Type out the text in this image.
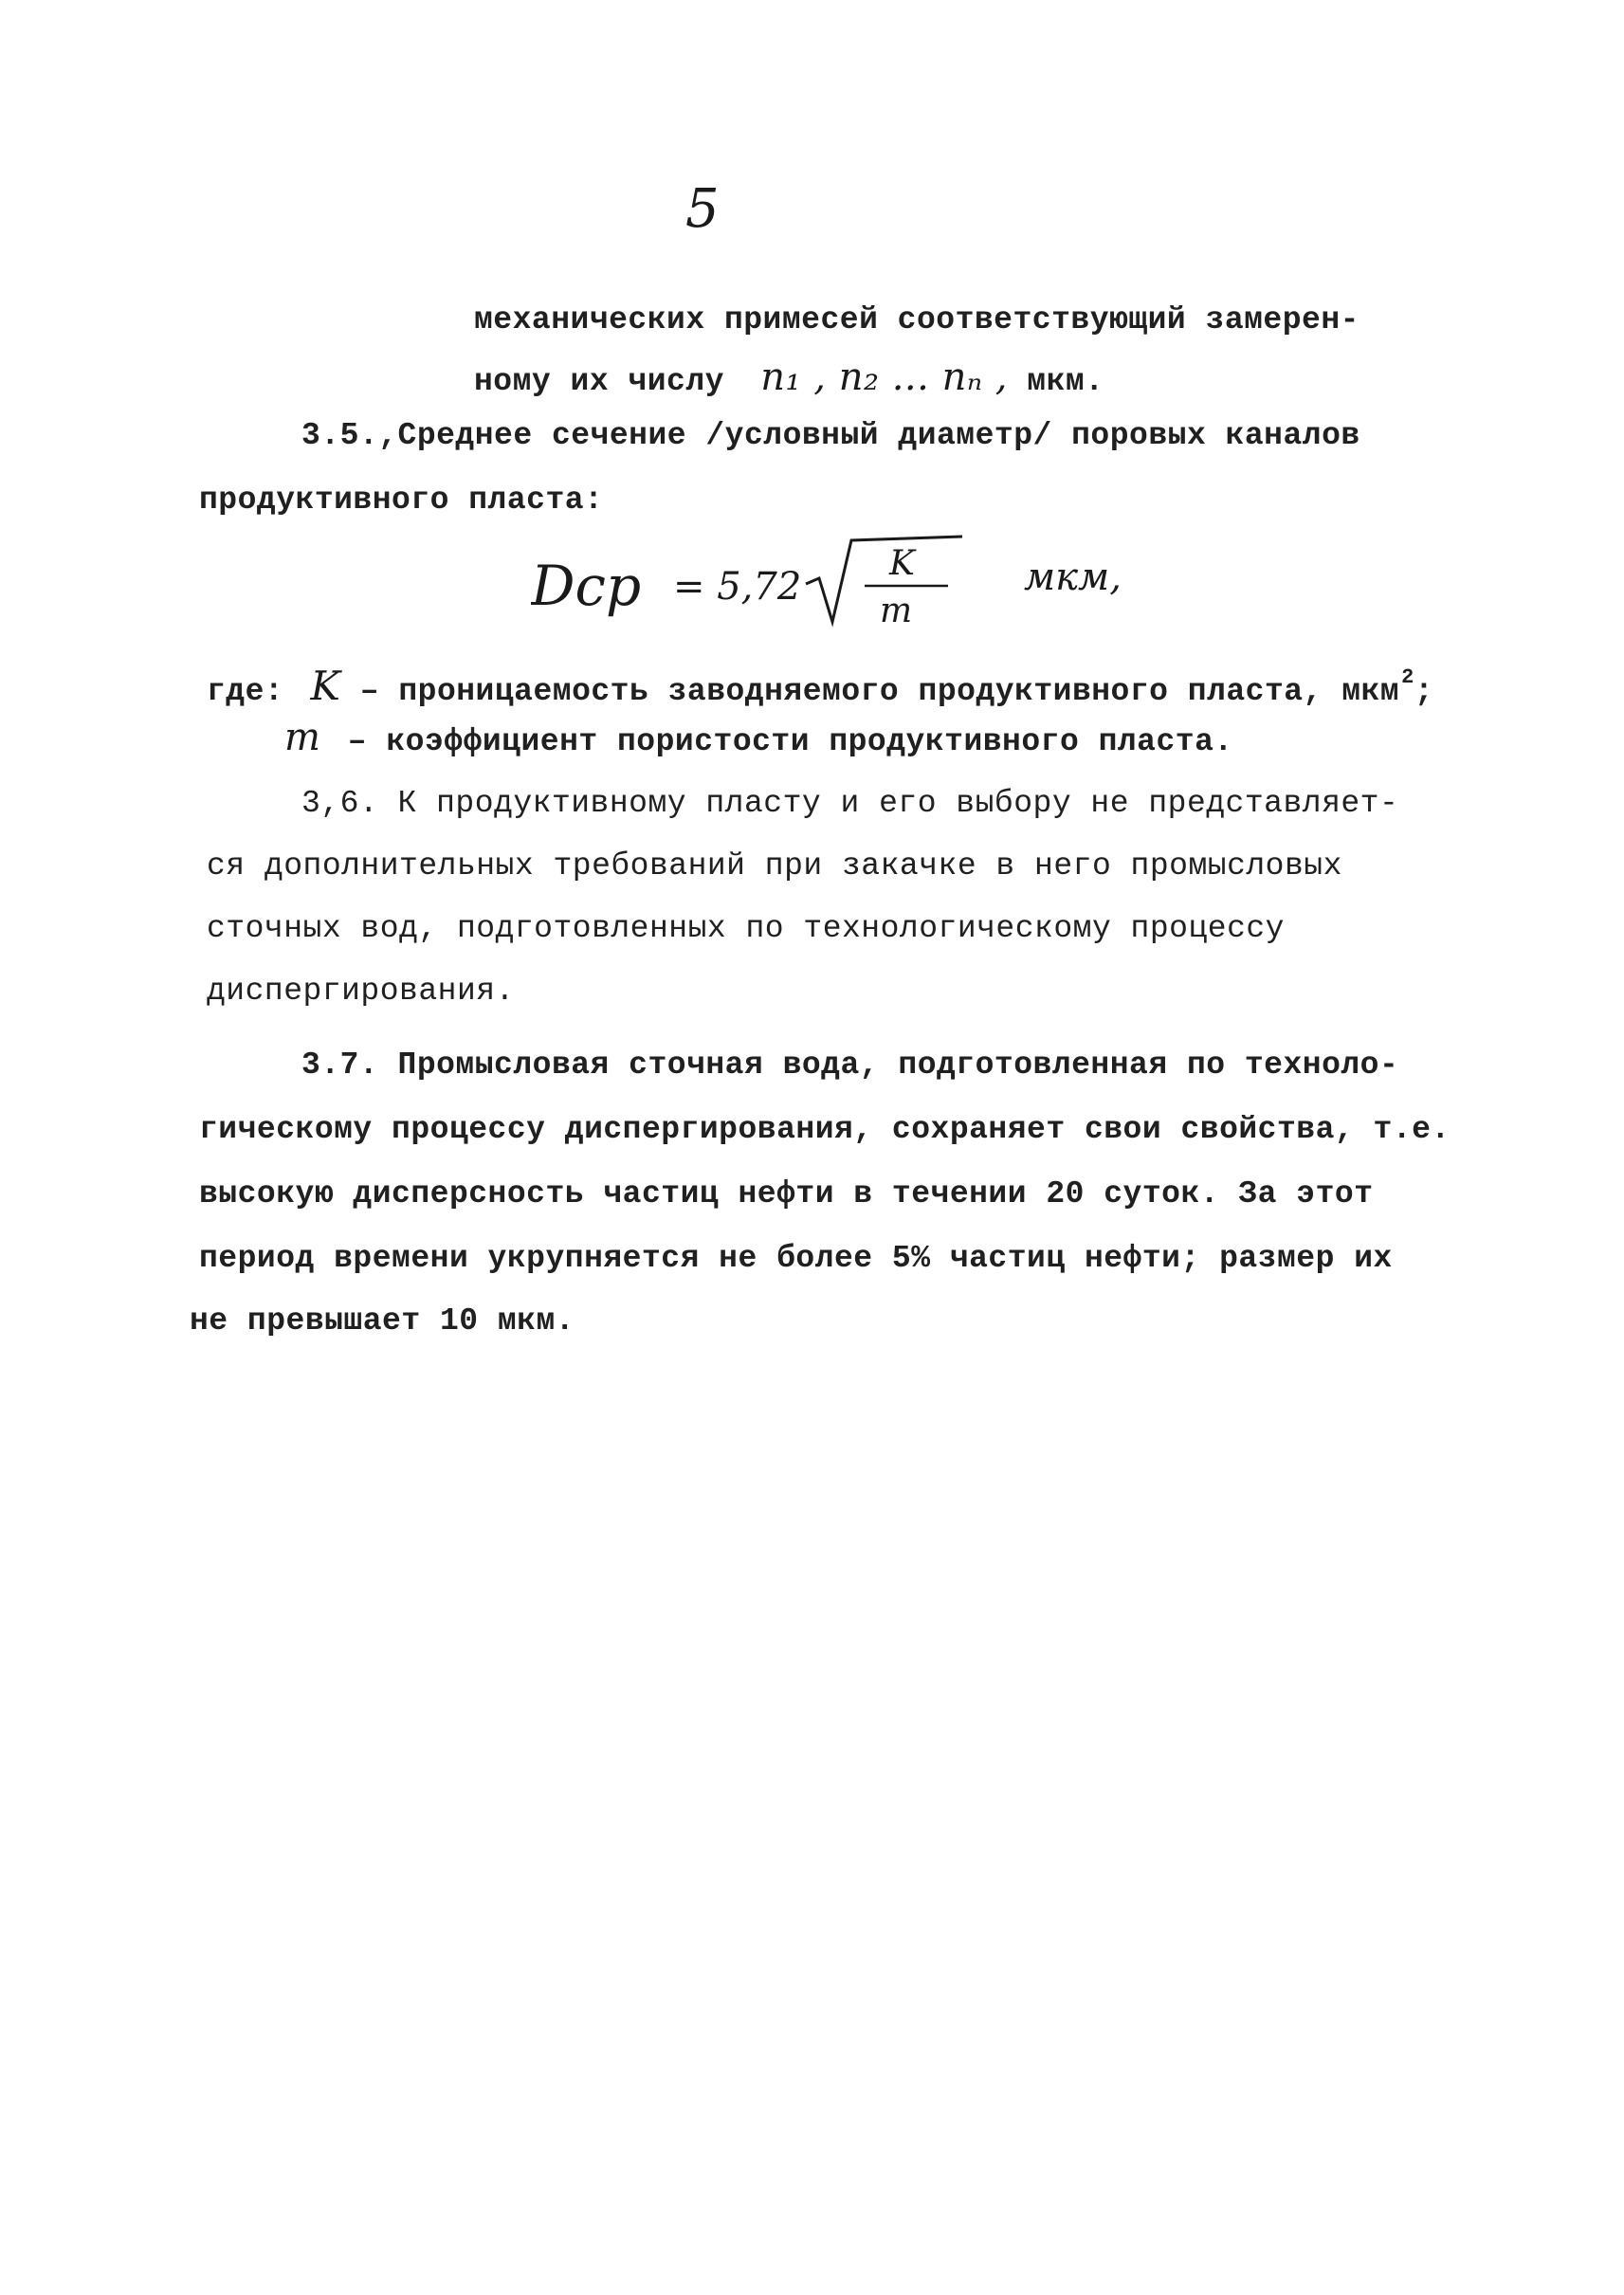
5
механических примесей соответствующий замерен-
ному их числу n₁ , n₂ ... nₙ , мкм.
3.5.,Среднее сечение /условный диаметр/ поровых каналов
продуктивного пласта:
Dср = 5,72
K
m
мкм,
где: K – проницаемость заводняемого продуктивного пласта, мкм$^2$;
m – коэффициент пористости продуктивного пласта.
3,6. К продуктивному пласту и его выбору не представляет-
ся дополнительных требований при закачке в него промысловых
сточных вод, подготовленных по технологическому процессу
диспергирования.
3.7. Промысловая сточная вода, подготовленная по техноло-
гическому процессу диспергирования, сохраняет свои свойства, т.е.
высокую дисперсность частиц нефти в течении 20 суток. За этот
период времени укрупняется не более 5% частиц нефти; размер их
не превышает 10 мкм.
